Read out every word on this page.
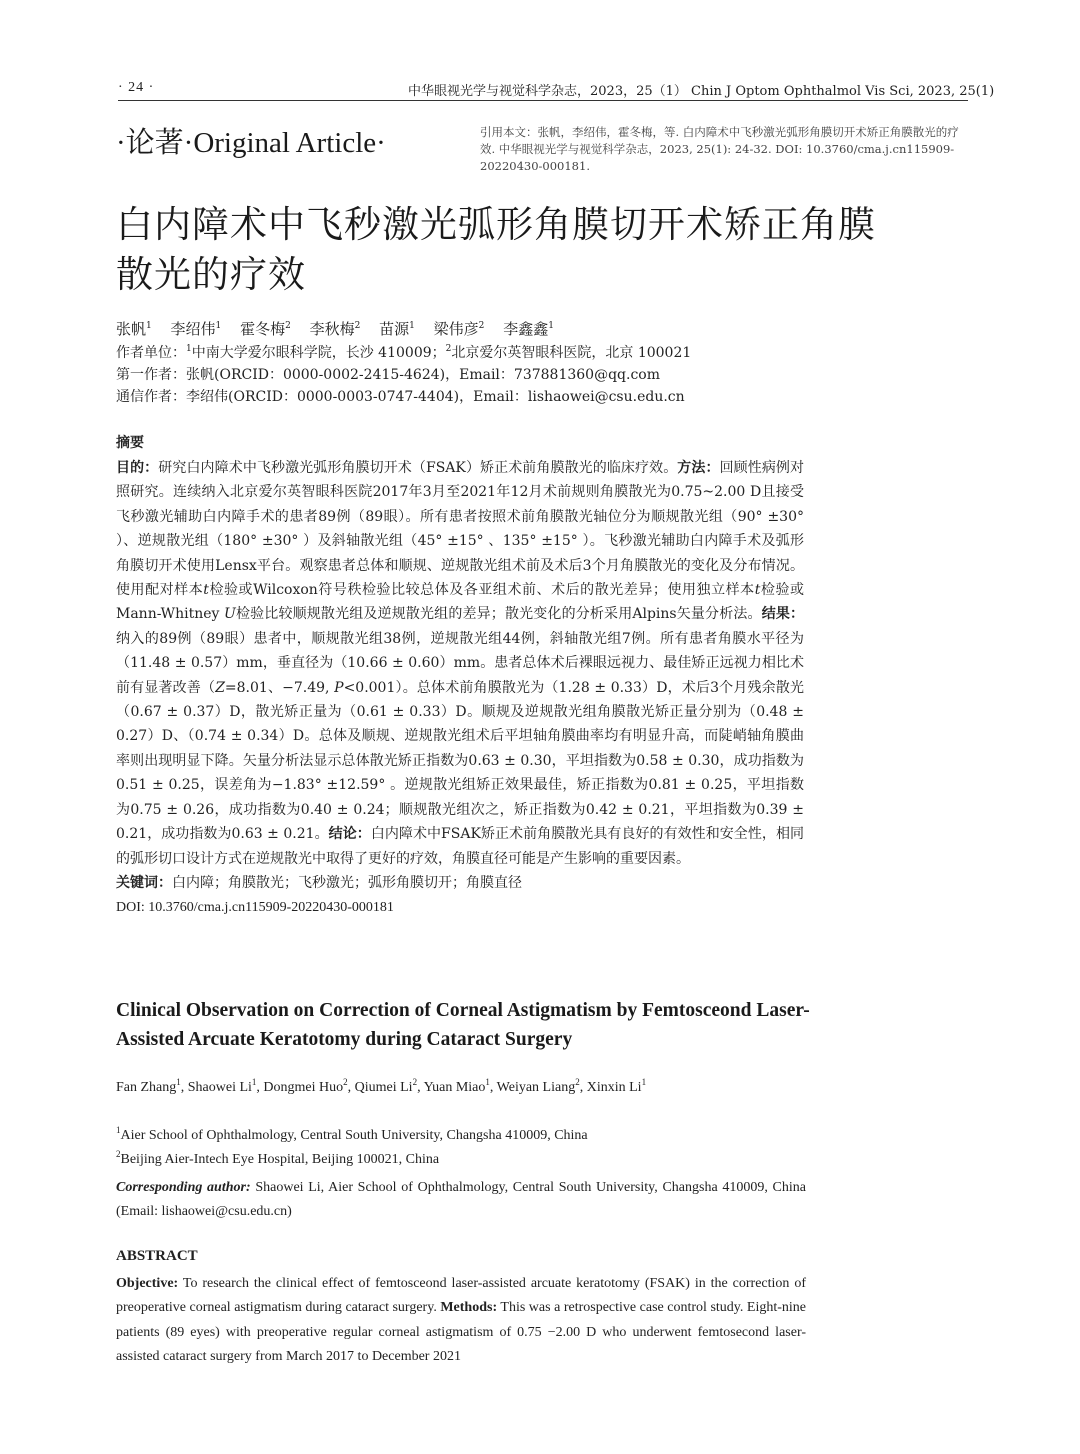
· 24 ·	中华眼视光学与视觉科学杂志，2023，25（1） Chin J Optom Ophthalmol Vis Sci, 2023, 25(1)
·论著·Original Article·	引用本文：张帆，李绍伟，霍冬梅，等. 白内障术中飞秒激光弧形角膜切开术矫正角膜散光的疗效. 中华眼视光学与视觉科学杂志，2023, 25(1): 24-32. DOI: 10.3760/cma.j.cn115909-20220430-000181.
白内障术中飞秒激光弧形角膜切开术矫正角膜散光的疗效
张帆$^1$ 李绍伟$^1$ 霍冬梅$^2$ 李秋梅$^2$ 苗源$^1$ 梁伟彦$^2$ 李鑫鑫$^1$
作者单位：$^1$中南大学爱尔眼科学院，长沙 410009；$^2$北京爱尔英智眼科医院，北京 100021
第一作者：张帆(ORCID：0000-0002-2415-4624)，Email：737881360@qq.com
通信作者：李绍伟(ORCID：0000-0003-0747-4404)，Email：lishaowei@csu.edu.cn
摘要
目的：研究白内障术中飞秒激光弧形角膜切开术（FSAK）矫正术前角膜散光的临床疗效。方法：回顾性病例对照研究。连续纳入北京爱尔英智眼科医院2017年3月至2021年12月术前规则角膜散光为0.75~2.00 D且接受飞秒激光辅助白内障手术的患者89例（89眼）。所有患者按照术前角膜散光轴位分为顺规散光组（90° ±30° ）、逆规散光组（180° ±30° ）及斜轴散光组（45° ±15° 、135° ±15° ）。飞秒激光辅助白内障手术及弧形角膜切开术使用Lensx平台。观察患者总体和顺规、逆规散光组术前及术后3个月角膜散光的变化及分布情况。使用配对样本t检验或Wilcoxon符号秩检验比较总体及各亚组术前、术后的散光差异；使用独立样本t检验或Mann-Whitney U检验比较顺规散光组及逆规散光组的差异；散光变化的分析采用Alpins矢量分析法。结果：纳入的89例（89眼）患者中，顺规散光组38例，逆规散光组44例，斜轴散光组7例。所有患者角膜水平径为（11.48 ± 0.57）mm，垂直径为（10.66 ± 0.60）mm。患者总体术后裸眼远视力、最佳矫正远视力相比术前有显著改善（Z=8.01、−7.49, P<0.001）。总体术前角膜散光为（1.28 ± 0.33）D，术后3个月残余散光（0.67 ± 0.37）D，散光矫正量为（0.61 ± 0.33）D。顺规及逆规散光组角膜散光矫正量分别为（0.48 ± 0.27）D、（0.74 ± 0.34）D。总体及顺规、逆规散光组术后平坦轴角膜曲率均有明显升高，而陡峭轴角膜曲率则出现明显下降。矢量分析法显示总体散光矫正指数为0.63 ± 0.30，平坦指数为0.58 ± 0.30，成功指数为0.51 ± 0.25，误差角为−1.83° ±12.59° 。逆规散光组矫正效果最佳，矫正指数为0.81 ± 0.25，平坦指数为0.75 ± 0.26，成功指数为0.40 ± 0.24；顺规散光组次之，矫正指数为0.42 ± 0.21，平坦指数为0.39 ± 0.21，成功指数为0.63 ± 0.21。结论：白内障术中FSAK矫正术前角膜散光具有良好的有效性和安全性，相同的弧形切口设计方式在逆规散光中取得了更好的疗效，角膜直径可能是产生影响的重要因素。
关键词：白内障；角膜散光；飞秒激光；弧形角膜切开；角膜直径
DOI: 10.3760/cma.j.cn115909-20220430-000181
Clinical Observation on Correction of Corneal Astigmatism by Femtosceond Laser-Assisted Arcuate Keratotomy during Cataract Surgery
Fan Zhang$^1$, Shaowei Li$^1$, Dongmei Huo$^2$, Qiumei Li$^2$, Yuan Miao$^1$, Weiyan Liang$^2$, Xinxin Li$^1$
$^1$Aier School of Ophthalmology, Central South University, Changsha 410009, China
$^2$Beijing Aier-Intech Eye Hospital, Beijing 100021, China
Corresponding author: Shaowei Li, Aier School of Ophthalmology, Central South University, Changsha 410009, China (Email: lishaowei@csu.edu.cn)
ABSTRACT
Objective: To research the clinical effect of femtosceond laser-assisted arcuate keratotomy (FSAK) in the correction of preoperative corneal astigmatism during cataract surgery. Methods: This was a retrospective case control study. Eight-nine patients (89 eyes) with preoperative regular corneal astigmatism of 0.75 −2.00 D who underwent femtosecond laser-assisted cataract surgery from March 2017 to December 2021
